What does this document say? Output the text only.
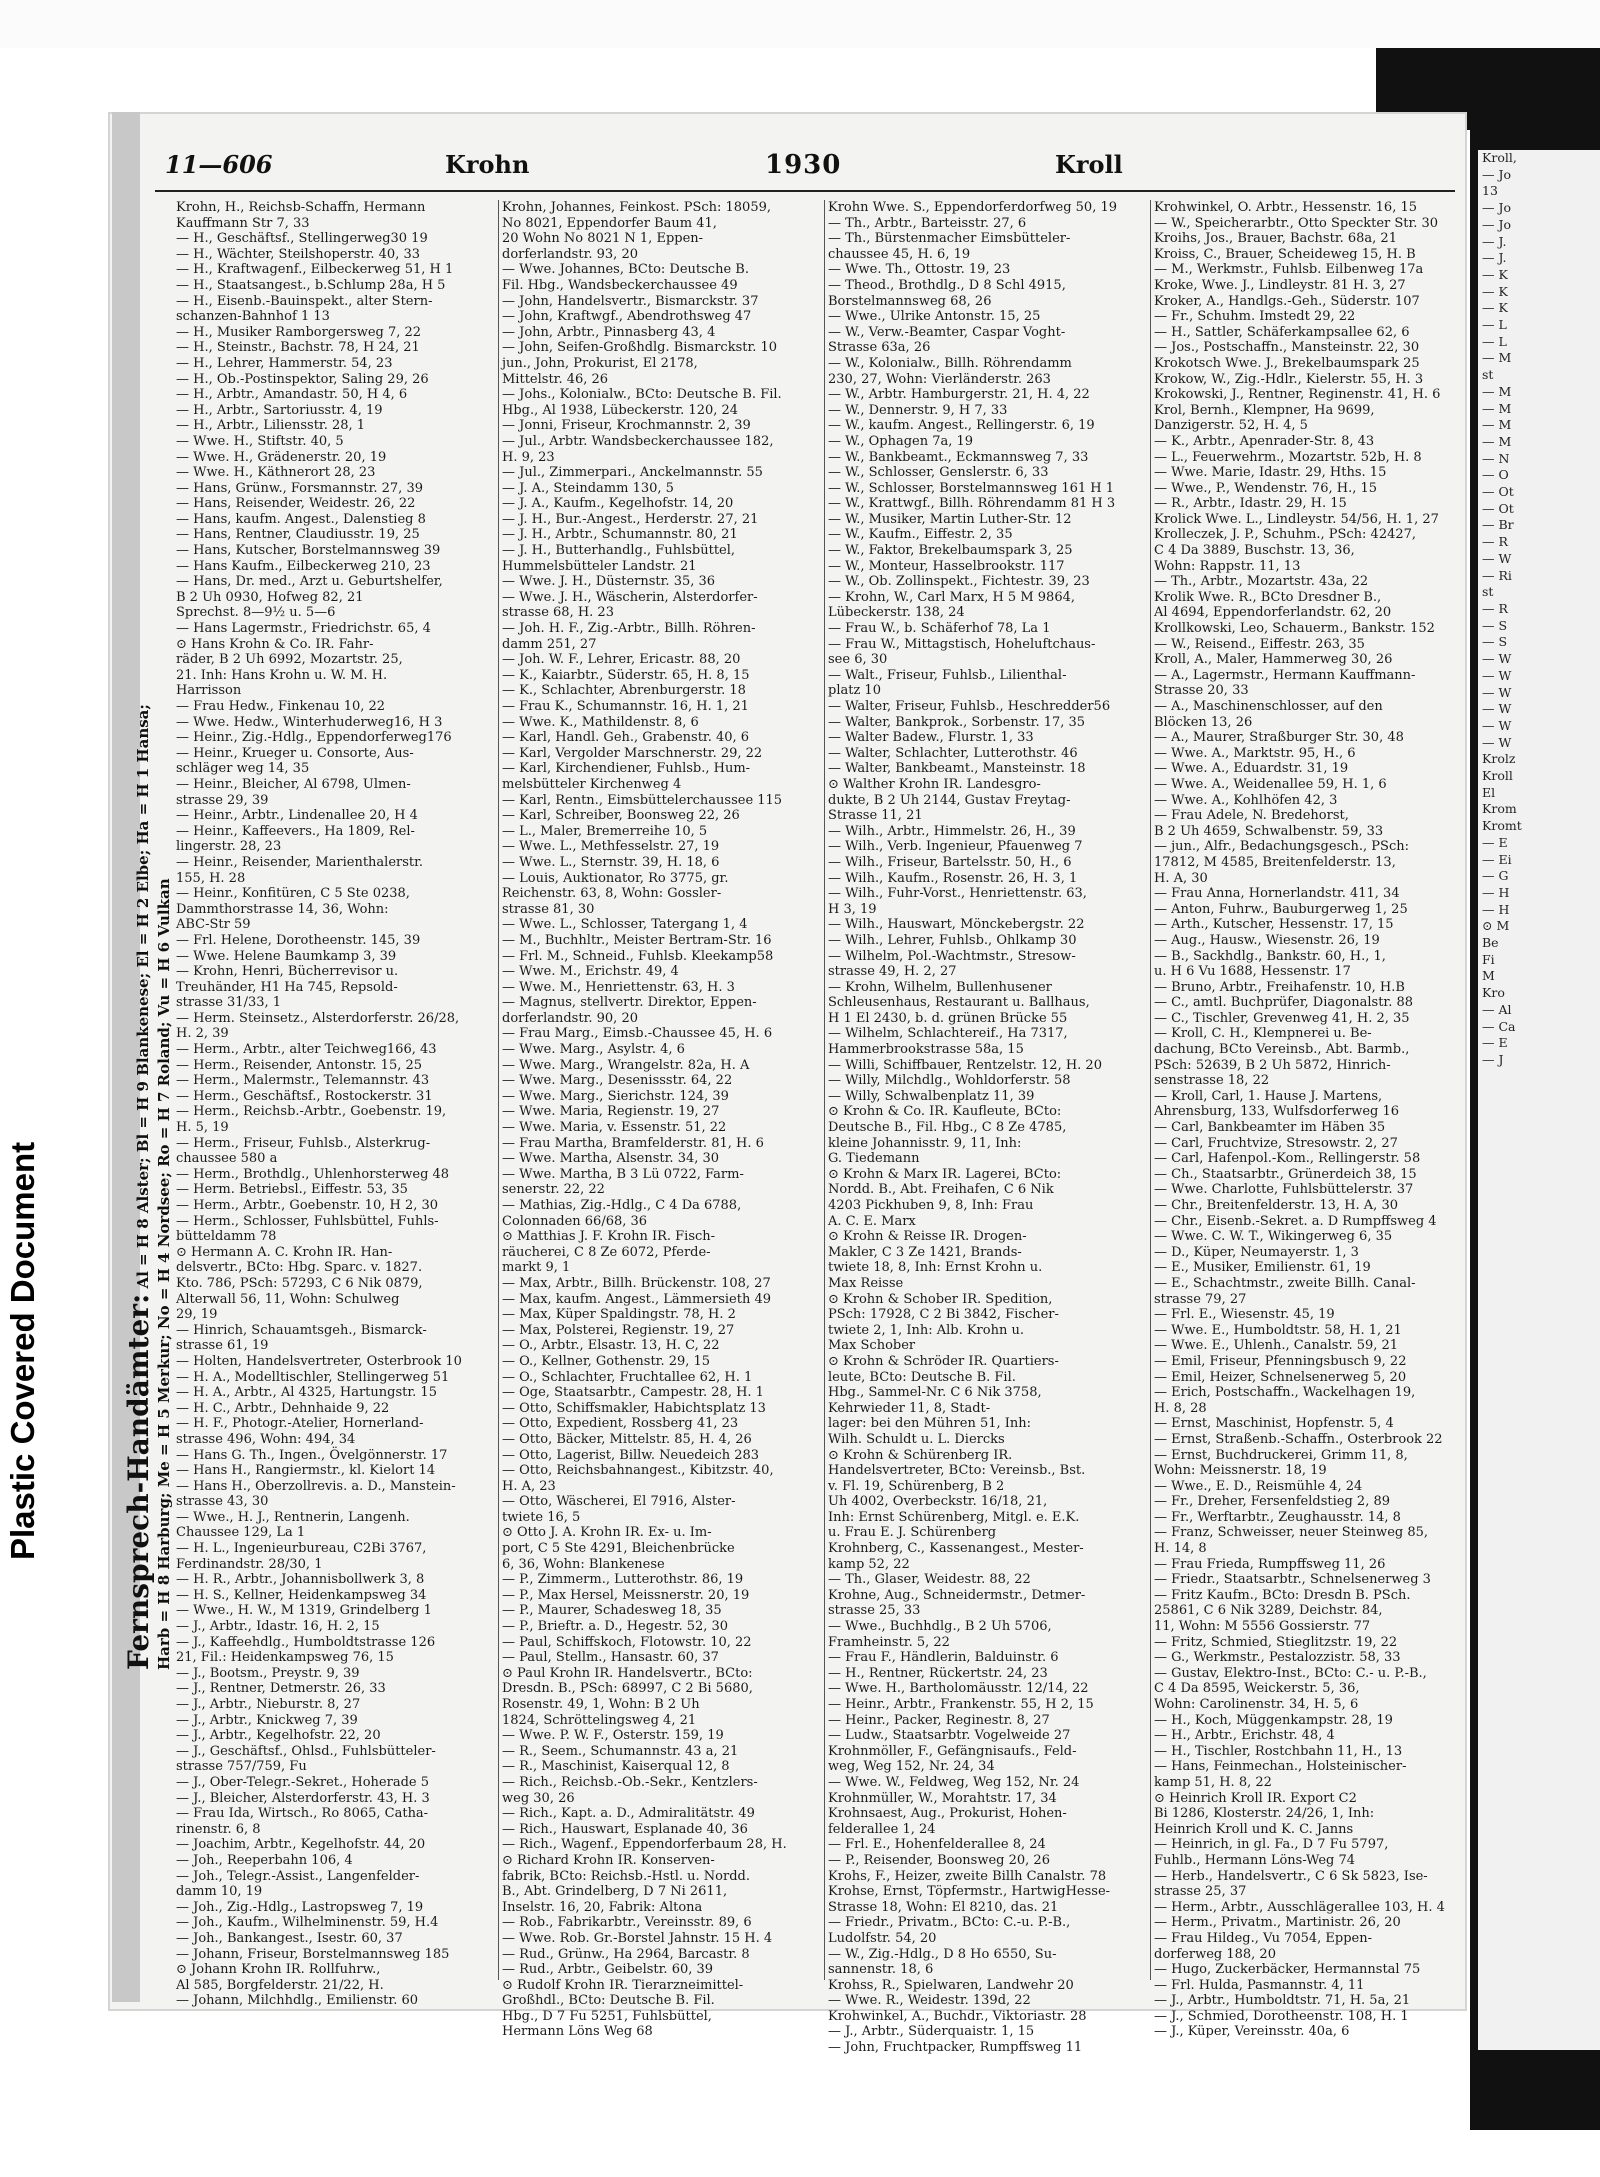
Kroll,
— Jo
13
— Jo
— Jo
— J.
— J.
— K
— K
— K
— L
— L
— M
st
— M
— M
— M
— M
— N
— O
— Ot
— Ot
— Br
— R
— W
— Ri
st
— R
— S
— S
— W
— W
— W
— W
— W
— W
Krolz
Kroll
El
Krom
Kromt
— E
— Ei
— G
— H
— H
⊙ M
Be
Fi
M
Kro
— Al
— Ca
— E
— J
11—606	Krohn	1930	Kroll
Fernsprech-Handämter: Al = H 8 Alster; Bl = H 9 Blankenese; El = H 2 Elbe; Ha = H 1 Hansa; Harb = H 8 Harburg; Me = H 5 Merkur; No = H 4 Nordsee; Ro = H 7 Roland; Vu = H 6 Vulkan
Krohn, H., Reichsb-Schaffn, Hermann
Kauffmann Str 7, 33
— H., Geschäftsf., Stellingerweg30 19
— H., Wächter, Steilshoperstr. 40, 33
— H., Kraftwagenf., Eilbeckerweg 51, H 1
— H., Staatsangest., b.Schlump 28a, H 5
— H., Eisenb.-Bauinspekt., alter Stern-
schanzen-Bahnhof 1 13
— H., Musiker Ramborgersweg 7, 22
— H., Steinstr., Bachstr. 78, H 24, 21
— H., Lehrer, Hammerstr. 54, 23
— H., Ob.-Postinspektor, Saling 29, 26
— H., Arbtr., Amandastr. 50, H 4, 6
— H., Arbtr., Sartoriusstr. 4, 19
— H., Arbtr., Liliensstr. 28, 1
— Wwe. H., Stiftstr. 40, 5
— Wwe. H., Grädenerstr. 20, 19
— Wwe. H., Käthnerort 28, 23
— Hans, Grünw., Forsmannstr. 27, 39
— Hans, Reisender, Weidestr. 26, 22
— Hans, kaufm. Angest., Dalenstieg 8
— Hans, Rentner, Claudiusstr. 19, 25
— Hans, Kutscher, Borstelmannsweg 39
— Hans Kaufm., Eilbeckerweg 210, 23
— Hans, Dr. med., Arzt u. Geburtshelfer,
B 2 Uh 0930, Hofweg 82, 21
Sprechst. 8—9½ u. 5—6
— Hans Lagermstr., Friedrichstr. 65, 4
⊙ Hans Krohn & Co. IR. Fahr-
räder, B 2 Uh 6992, Mozartstr. 25,
21. Inh: Hans Krohn u. W. M. H.
Harrisson
— Frau Hedw., Finkenau 10, 22
— Wwe. Hedw., Winterhuderweg16, H 3
— Heinr., Zig.-Hdlg., Eppendorferweg176
— Heinr., Krueger u. Consorte, Aus-
schläger weg 14, 35
— Heinr., Bleicher, Al 6798, Ulmen-
strasse 29, 39
— Heinr., Arbtr., Lindenallee 20, H 4
— Heinr., Kaffeevers., Ha 1809, Rel-
lingerstr. 28, 23
— Heinr., Reisender, Marienthalerstr.
155, H. 28
— Heinr., Konfitüren, C 5 Ste 0238,
Dammthorstrasse 14, 36, Wohn:
ABC-Str 59
— Frl. Helene, Dorotheenstr. 145, 39
— Wwe. Helene Baumkamp 3, 39
— Krohn, Henri, Bücherrevisor u.
Treuhänder, H1 Ha 745, Repsold-
strasse 31/33, 1
— Herm. Steinsetz., Alsterdorferstr. 26/28,
H. 2, 39
— Herm., Arbtr., alter Teichweg166, 43
— Herm., Reisender, Antonstr. 15, 25
— Herm., Malermstr., Telemannstr. 43
— Herm., Geschäftsf., Rostockerstr. 31
— Herm., Reichsb.-Arbtr., Goebenstr. 19,
H. 5, 19
— Herm., Friseur, Fuhlsb., Alsterkrug-
chaussee 580 a
— Herm., Brothdlg., Uhlenhorsterweg 48
— Herm. Betriebsl., Eiffestr. 53, 35
— Herm., Arbtr., Goebenstr. 10, H 2, 30
— Herm., Schlosser, Fuhlsbüttel, Fuhls-
bütteldamm 78
⊙ Hermann A. C. Krohn IR. Han-
delsvertr., BCto: Hbg. Sparc. v. 1827.
Kto. 786, PSch: 57293, C 6 Nik 0879,
Alterwall 56, 11, Wohn: Schulweg
29, 19
— Hinrich, Schauamtsgeh., Bismarck-
strasse 61, 19
— Holten, Handelsvertreter, Osterbrook 10
— H. A., Modelltischler, Stellingerweg 51
— H. A., Arbtr., Al 4325, Hartungstr. 15
— H. C., Arbtr., Dehnhaide 9, 22
— H. F., Photogr.-Atelier, Hornerland-
strasse 496, Wohn: 494, 34
— Hans G. Th., Ingen., Övelgönnerstr. 17
— Hans H., Rangiermstr., kl. Kielort 14
— Hans H., Oberzollrevis. a. D., Manstein-
strasse 43, 30
— Wwe., H. J., Rentnerin, Langenh.
Chaussee 129, La 1
— H. L., Ingenieurbureau, C2Bi 3767,
Ferdinandstr. 28/30, 1
— H. R., Arbtr., Johannisbollwerk 3, 8
— H. S., Kellner, Heidenkampsweg 34
— Wwe., H. W., M 1319, Grindelberg 1
— J., Arbtr., Idastr. 16, H. 2, 15
— J., Kaffeehdlg., Humboldtstrasse 126
21, Fil.: Heidenkampsweg 76, 15
— J., Bootsm., Preystr. 9, 39
— J., Rentner, Detmerstr. 26, 33
— J., Arbtr., Nieburstr. 8, 27
— J., Arbtr., Knickweg 7, 39
— J., Arbtr., Kegelhofstr. 22, 20
— J., Geschäftsf., Ohlsd., Fuhlsbütteler-
strasse 757/759, Fu
— J., Ober-Telegr.-Sekret., Hoherade 5
— J., Bleicher, Alsterdorferstr. 43, H. 3
— Frau Ida, Wirtsch., Ro 8065, Catha-
rinenstr. 6, 8
— Joachim, Arbtr., Kegelhofstr. 44, 20
— Joh., Reeperbahn 106, 4
— Joh., Telegr.-Assist., Langenfelder-
damm 10, 19
— Joh., Zig.-Hdlg., Lastropsweg 7, 19
— Joh., Kaufm., Wilhelminenstr. 59, H.4
— Joh., Bankangest., Isestr. 60, 37
— Johann, Friseur, Borstelmannsweg 185
⊙ Johann Krohn IR. Rollfuhrw.,
Al 585, Borgfelderstr. 21/22, H.
— Johann, Milchhdlg., Emilienstr. 60
Krohn, Johannes, Feinkost. PSch: 18059,
No 8021, Eppendorfer Baum 41,
20 Wohn No 8021 N 1, Eppen-
dorferlandstr. 93, 20
— Wwe. Johannes, BCto: Deutsche B.
Fil. Hbg., Wandsbeckerchaussee 49
— John, Handelsvertr., Bismarckstr. 37
— John, Kraftwgf., Abendrothsweg 47
— John, Arbtr., Pinnasberg 43, 4
— John, Seifen-Großhdlg. Bismarckstr. 10
jun., John, Prokurist, El 2178,
Mittelstr. 46, 26
— Johs., Kolonialw., BCto: Deutsche B. Fil.
Hbg., Al 1938, Lübeckerstr. 120, 24
— Jonni, Friseur, Krochmannstr. 2, 39
— Jul., Arbtr. Wandsbeckerchaussee 182,
H. 9, 23
— Jul., Zimmerpari., Anckelmannstr. 55
— J. A., Steindamm 130, 5
— J. A., Kaufm., Kegelhofstr. 14, 20
— J. H., Bur.-Angest., Herderstr. 27, 21
— J. H., Arbtr., Schumannstr. 80, 21
— J. H., Butterhandlg., Fuhlsbüttel,
Hummelsbütteler Landstr. 21
— Wwe. J. H., Düsternstr. 35, 36
— Wwe. J. H., Wäscherin, Alsterdorfer-
strasse 68, H. 23
— Joh. H. F., Zig.-Arbtr., Billh. Röhren-
damm 251, 27
— Joh. W. F., Lehrer, Ericastr. 88, 20
— K., Kaiarbtr., Süderstr. 65, H. 8, 15
— K., Schlachter, Abrenburgerstr. 18
— Frau K., Schumannstr. 16, H. 1, 21
— Wwe. K., Mathildenstr. 8, 6
— Karl, Handl. Geh., Grabenstr. 40, 6
— Karl, Vergolder Marschnerstr. 29, 22
— Karl, Kirchendiener, Fuhlsb., Hum-
melsbütteler Kirchenweg 4
— Karl, Rentn., Eimsbüttelerchaussee 115
— Karl, Schreiber, Boonsweg 22, 26
— L., Maler, Bremerreihe 10, 5
— Wwe. L., Methfesselstr. 27, 19
— Wwe. L., Sternstr. 39, H. 18, 6
— Louis, Auktionator, Ro 3775, gr.
Reichenstr. 63, 8, Wohn: Gossler-
strasse 81, 30
— Wwe. L., Schlosser, Tatergang 1, 4
— M., Buchhltr., Meister Bertram-Str. 16
— Frl. M., Schneid., Fuhlsb. Kleekamp58
— Wwe. M., Erichstr. 49, 4
— Wwe. M., Henriettenstr. 63, H. 3
— Magnus, stellvertr. Direktor, Eppen-
dorferlandstr. 90, 20
— Frau Marg., Eimsb.-Chaussee 45, H. 6
— Wwe. Marg., Asylstr. 4, 6
— Wwe. Marg., Wrangelstr. 82a, H. A
— Wwe. Marg., Desenissstr. 64, 22
— Wwe. Marg., Sierichstr. 124, 39
— Wwe. Maria, Regienstr. 19, 27
— Wwe. Maria, v. Essenstr. 51, 22
— Frau Martha, Bramfelderstr. 81, H. 6
— Wwe. Martha, Alsenstr. 34, 30
— Wwe. Martha, B 3 Lü 0722, Farm-
senerstr. 22, 22
— Mathias, Zig.-Hdlg., C 4 Da 6788,
Colonnaden 66/68, 36
⊙ Matthias J. F. Krohn IR. Fisch-
räucherei, C 8 Ze 6072, Pferde-
markt 9, 1
— Max, Arbtr., Billh. Brückenstr. 108, 27
— Max, kaufm. Angest., Lämmersieth 49
— Max, Küper Spaldingstr. 78, H. 2
— Max, Polsterei, Regienstr. 19, 27
— O., Arbtr., Elsastr. 13, H. C, 22
— O., Kellner, Gothenstr. 29, 15
— O., Schlachter, Fruchtallee 62, H. 1
— Oge, Staatsarbtr., Campestr. 28, H. 1
— Otto, Schiffsmakler, Habichtsplatz 13
— Otto, Expedient, Rossberg 41, 23
— Otto, Bäcker, Mittelstr. 85, H. 4, 26
— Otto, Lagerist, Billw. Neuedeich 283
— Otto, Reichsbahnangest., Kibitzstr. 40,
H. A, 23
— Otto, Wäscherei, El 7916, Alster-
twiete 16, 5
⊙ Otto J. A. Krohn IR. Ex- u. Im-
port, C 5 Ste 4291, Bleichenbrücke
6, 36, Wohn: Blankenese
— P., Zimmerm., Lutterothstr. 86, 19
— P., Max Hersel, Meissnerstr. 20, 19
— P., Maurer, Schadesweg 18, 35
— P., Brieftr. a. D., Hegestr. 52, 30
— Paul, Schiffskoch, Flotowstr. 10, 22
— Paul, Stellm., Hansastr. 60, 37
⊙ Paul Krohn IR. Handelsvertr., BCto:
Dresdn. B., PSch: 68997, C 2 Bi 5680,
Rosenstr. 49, 1, Wohn: B 2 Uh
1824, Schröttelingsweg 4, 21
— Wwe. P. W. F., Osterstr. 159, 19
— R., Seem., Schumannstr. 43 a, 21
— R., Maschinist, Kaiserqual 12, 8
— Rich., Reichsb.-Ob.-Sekr., Kentzlers-
weg 30, 26
— Rich., Kapt. a. D., Admiralitätstr. 49
— Rich., Hauswart, Esplanade 40, 36
— Rich., Wagenf., Eppendorferbaum 28, H.
⊙ Richard Krohn IR. Konserven-
fabrik, BCto: Reichsb.-Hstl. u. Nordd.
B., Abt. Grindelberg, D 7 Ni 2611,
Inselstr. 16, 20, Fabrik: Altona
— Rob., Fabrikarbtr., Vereinsstr. 89, 6
— Wwe. Rob. Gr.-Borstel Jahnstr. 15 H. 4
— Rud., Grünw., Ha 2964, Barcastr. 8
— Rud., Arbtr., Geibelstr. 60, 39
⊙ Rudolf Krohn IR. Tierarzneimittel-
Großhdl., BCto: Deutsche B. Fil.
Hbg., D 7 Fu 5251, Fuhlsbüttel,
Hermann Löns Weg 68
Krohn Wwe. S., Eppendorferdorfweg 50, 19
— Th., Arbtr., Barteisstr. 27, 6
— Th., Bürstenmacher Eimsbütteler-
chaussee 45, H. 6, 19
— Wwe. Th., Ottostr. 19, 23
— Theod., Brothdlg., D 8 Schl 4915,
Borstelmannsweg 68, 26
— Wwe., Ulrike Antonstr. 15, 25
— W., Verw.-Beamter, Caspar Voght-
Strasse 63a, 26
— W., Kolonialw., Billh. Röhrendamm
230, 27, Wohn: Vierländerstr. 263
— W., Arbtr. Hamburgerstr. 21, H. 4, 22
— W., Dennerstr. 9, H 7, 33
— W., kaufm. Angest., Rellingerstr. 6, 19
— W., Ophagen 7a, 19
— W., Bankbeamt., Eckmannsweg 7, 33
— W., Schlosser, Genslerstr. 6, 33
— W., Schlosser, Borstelmannsweg 161 H 1
— W., Krattwgf., Billh. Röhrendamm 81 H 3
— W., Musiker, Martin Luther-Str. 12
— W., Kaufm., Eiffestr. 2, 35
— W., Faktor, Brekelbaumspark 3, 25
— W., Monteur, Hasselbrookstr. 117
— W., Ob. Zollinspekt., Fichtestr. 39, 23
— Krohn, W., Carl Marx, H 5 M 9864,
Lübeckerstr. 138, 24
— Frau W., b. Schäferhof 78, La 1
— Frau W., Mittagstisch, Hoheluftchaus-
see 6, 30
— Walt., Friseur, Fuhlsb., Lilienthal-
platz 10
— Walter, Friseur, Fuhlsb., Heschredder56
— Walter, Bankprok., Sorbenstr. 17, 35
— Walter Badew., Flurstr. 1, 33
— Walter, Schlachter, Lutterothstr. 46
— Walter, Bankbeamt., Mansteinstr. 18
⊙ Walther Krohn IR. Landesgro-
dukte, B 2 Uh 2144, Gustav Freytag-
Strasse 11, 21
— Wilh., Arbtr., Himmelstr. 26, H., 39
— Wilh., Verb. Ingenieur, Pfauenweg 7
— Wilh., Friseur, Bartelsstr. 50, H., 6
— Wilh., Kaufm., Rosenstr. 26, H. 3, 1
— Wilh., Fuhr-Vorst., Henriettenstr. 63,
H 3, 19
— Wilh., Hauswart, Mönckebergstr. 22
— Wilh., Lehrer, Fuhlsb., Ohlkamp 30
— Wilhelm, Pol.-Wachtmstr., Stresow-
strasse 49, H. 2, 27
— Krohn, Wilhelm, Bullenhusener
Schleusenhaus, Restaurant u. Ballhaus,
H 1 El 2430, b. d. grünen Brücke 55
— Wilhelm, Schlachtereif., Ha 7317,
Hammerbrookstrasse 58a, 15
— Willi, Schiffbauer, Rentzelstr. 12, H. 20
— Willy, Milchdlg., Wohldorferstr. 58
— Willy, Schwalbenplatz 11, 39
⊙ Krohn & Co. IR. Kaufleute, BCto:
Deutsche B., Fil. Hbg., C 8 Ze 4785,
kleine Johannisstr. 9, 11, Inh:
G. Tiedemann
⊙ Krohn & Marx IR. Lagerei, BCto:
Nordd. B., Abt. Freihafen, C 6 Nik
4203 Pickhuben 9, 8, Inh: Frau
A. C. E. Marx
⊙ Krohn & Reisse IR. Drogen-
Makler, C 3 Ze 1421, Brands-
twiete 18, 8, Inh: Ernst Krohn u.
Max Reisse
⊙ Krohn & Schober IR. Spedition,
PSch: 17928, C 2 Bi 3842, Fischer-
twiete 2, 1, Inh: Alb. Krohn u.
Max Schober
⊙ Krohn & Schröder IR. Quartiers-
leute, BCto: Deutsche B. Fil.
Hbg., Sammel-Nr. C 6 Nik 3758,
Kehrwieder 11, 8, Stadt-
lager: bei den Mühren 51, Inh:
Wilh. Schuldt u. L. Diercks
⊙ Krohn & Schürenberg IR.
Handelsvertreter, BCto: Vereinsb., Bst.
v. Fl. 19, Schürenberg, B 2
Uh 4002, Overbeckstr. 16/18, 21,
Inh: Ernst Schürenberg, Mitgl. e. E.K.
u. Frau E. J. Schürenberg
Krohnberg, C., Kassenangest., Mester-
kamp 52, 22
— Th., Glaser, Weidestr. 88, 22
Krohne, Aug., Schneidermstr., Detmer-
strasse 25, 33
— Wwe., Buchhdlg., B 2 Uh 5706,
Framheinstr. 5, 22
— Frau F., Händlerin, Balduinstr. 6
— H., Rentner, Rückertstr. 24, 23
— Wwe. H., Bartholomäusstr. 12/14, 22
— Heinr., Arbtr., Frankenstr. 55, H 2, 15
— Heinr., Packer, Reginestr. 8, 27
— Ludw., Staatsarbtr. Vogelweide 27
Krohnmöller, F., Gefängnisaufs., Feld-
weg, Weg 152, Nr. 24, 34
— Wwe. W., Feldweg, Weg 152, Nr. 24
Krohnmüller, W., Morahtstr. 17, 34
Krohnsaest, Aug., Prokurist, Hohen-
felderallee 1, 24
— Frl. E., Hohenfelderallee 8, 24
— P., Reisender, Boonsweg 20, 26
Krohs, F., Heizer, zweite Billh Canalstr. 78
Krohse, Ernst, Töpfermstr., HartwigHesse-
Strasse 18, Wohn: El 8210, das. 21
— Friedr., Privatm., BCto: C.-u. P.-B.,
Ludolfstr. 54, 20
— W., Zig.-Hdlg., D 8 Ho 6550, Su-
sannenstr. 18, 6
Krohss, R., Spielwaren, Landwehr 20
— Wwe. R., Weidestr. 139d, 22
Krohwinkel, A., Buchdr., Viktoriastr. 28
— J., Arbtr., Süderquaistr. 1, 15
— John, Fruchtpacker, Rumpffsweg 11
Krohwinkel, O. Arbtr., Hessenstr. 16, 15
— W., Speicherarbtr., Otto Speckter Str. 30
Kroihs, Jos., Brauer, Bachstr. 68a, 21
Kroiss, C., Brauer, Scheideweg 15, H. B
— M., Werkmstr., Fuhlsb. Eilbenweg 17a
Kroke, Wwe. J., Lindleystr. 81 H. 3, 27
Kroker, A., Handlgs.-Geh., Süderstr. 107
— Fr., Schuhm. Imstedt 29, 22
— H., Sattler, Schäferkampsallee 62, 6
— Jos., Postschaffn., Mansteinstr. 22, 30
Krokotsch Wwe. J., Brekelbaumspark 25
Krokow, W., Zig.-Hdlr., Kielerstr. 55, H. 3
Krokowski, J., Rentner, Reginenstr. 41, H. 6
Krol, Bernh., Klempner, Ha 9699,
Danzigerstr. 52, H. 4, 5
— K., Arbtr., Apenrader-Str. 8, 43
— L., Feuerwehrm., Mozartstr. 52b, H. 8
— Wwe. Marie, Idastr. 29, Hths. 15
— Wwe., P., Wendenstr. 76, H., 15
— R., Arbtr., Idastr. 29, H. 15
Krolick Wwe. L., Lindleystr. 54/56, H. 1, 27
Krolleczek, J. P., Schuhm., PSch: 42427,
C 4 Da 3889, Buschstr. 13, 36,
Wohn: Rappstr. 11, 13
— Th., Arbtr., Mozartstr. 43a, 22
Krolik Wwe. R., BCto Dresdner B.,
Al 4694, Eppendorferlandstr. 62, 20
Krollkowski, Leo, Schauerm., Bankstr. 152
— W., Reisend., Eiffestr. 263, 35
Kroll, A., Maler, Hammerweg 30, 26
— A., Lagermstr., Hermann Kauffmann-
Strasse 20, 33
— A., Maschinenschlosser, auf den
Blöcken 13, 26
— A., Maurer, Straßburger Str. 30, 48
— Wwe. A., Marktstr. 95, H., 6
— Wwe. A., Eduardstr. 31, 19
— Wwe. A., Weidenallee 59, H. 1, 6
— Wwe. A., Kohlhöfen 42, 3
— Frau Adele, N. Bredehorst,
B 2 Uh 4659, Schwalbenstr. 59, 33
— jun., Alfr., Bedachungsgesch., PSch:
17812, M 4585, Breitenfelderstr. 13,
H. A, 30
— Frau Anna, Hornerlandstr. 411, 34
— Anton, Fuhrw., Bauburgerweg 1, 25
— Arth., Kutscher, Hessenstr. 17, 15
— Aug., Hausw., Wiesenstr. 26, 19
— B., Sackhdlg., Bankstr. 60, H., 1,
u. H 6 Vu 1688, Hessenstr. 17
— Bruno, Arbtr., Freihafenstr. 10, H.B
— C., amtl. Buchprüfer, Diagonalstr. 88
— C., Tischler, Grevenweg 41, H. 2, 35
— Kroll, C. H., Klempnerei u. Be-
dachung, BCto Vereinsb., Abt. Barmb.,
PSch: 52639, B 2 Uh 5872, Hinrich-
senstrasse 18, 22
— Kroll, Carl, 1. Hause J. Martens,
Ahrensburg, 133, Wulfsdorferweg 16
— Carl, Bankbeamter im Häben 35
— Carl, Fruchtvize, Stresowstr. 2, 27
— Carl, Hafenpol.-Kom., Rellingerstr. 58
— Ch., Staatsarbtr., Grünerdeich 38, 15
— Wwe. Charlotte, Fuhlsbüttelerstr. 37
— Chr., Breitenfelderstr. 13, H. A, 30
— Chr., Eisenb.-Sekret. a. D Rumpffsweg 4
— Wwe. C. W. T., Wikingerweg 6, 35
— D., Küper, Neumayerstr. 1, 3
— E., Musiker, Emilienstr. 61, 19
— E., Schachtmstr., zweite Billh. Canal-
strasse 79, 27
— Frl. E., Wiesenstr. 45, 19
— Wwe. E., Humboldtstr. 58, H. 1, 21
— Wwe. E., Uhlenh., Canalstr. 59, 21
— Emil, Friseur, Pfenningsbusch 9, 22
— Emil, Heizer, Schnelsenerweg 5, 20
— Erich, Postschaffn., Wackelhagen 19,
H. 8, 28
— Ernst, Maschinist, Hopfenstr. 5, 4
— Ernst, Straßenb.-Schaffn., Osterbrook 22
— Ernst, Buchdruckerei, Grimm 11, 8,
Wohn: Meissnerstr. 18, 19
— Wwe., E. D., Reismühle 4, 24
— Fr., Dreher, Fersenfeldstieg 2, 89
— Fr., Werftarbtr., Zeughausstr. 14, 8
— Franz, Schweisser, neuer Steinweg 85,
H. 14, 8
— Frau Frieda, Rumpffsweg 11, 26
— Friedr., Staatsarbtr., Schnelsenerweg 3
— Fritz Kaufm., BCto: Dresdn B. PSch.
25861, C 6 Nik 3289, Deichstr. 84,
11, Wohn: M 5556 Gossierstr. 77
— Fritz, Schmied, Stieglitzstr. 19, 22
— G., Werkmstr., Pestalozzistr. 58, 33
— Gustav, Elektro-Inst., BCto: C.- u. P.-B.,
C 4 Da 8595, Weickerstr. 5, 36,
Wohn: Carolinenstr. 34, H. 5, 6
— H., Koch, Müggenkampstr. 28, 19
— H., Arbtr., Erichstr. 48, 4
— H., Tischler, Rostchbahn 11, H., 13
— Hans, Feinmechan., Holsteinischer-
kamp 51, H. 8, 22
⊙ Heinrich Kroll IR. Export C2
Bi 1286, Klosterstr. 24/26, 1, Inh:
Heinrich Kroll und K. C. Janns
— Heinrich, in gl. Fa., D 7 Fu 5797,
Fuhlb., Hermann Löns-Weg 74
— Herb., Handelsvertr., C 6 Sk 5823, Ise-
strasse 25, 37
— Herm., Arbtr., Ausschlägerallee 103, H. 4
— Herm., Privatm., Martinistr. 26, 20
— Frau Hildeg., Vu 7054, Eppen-
dorferweg 188, 20
— Hugo, Zuckerbäcker, Hermannstal 75
— Frl. Hulda, Pasmannstr. 4, 11
— J., Arbtr., Humboldtstr. 71, H. 5a, 21
— J., Schmied, Dorotheenstr. 108, H. 1
— J., Küper, Vereinsstr. 40a, 6
Plastic Covered Document
